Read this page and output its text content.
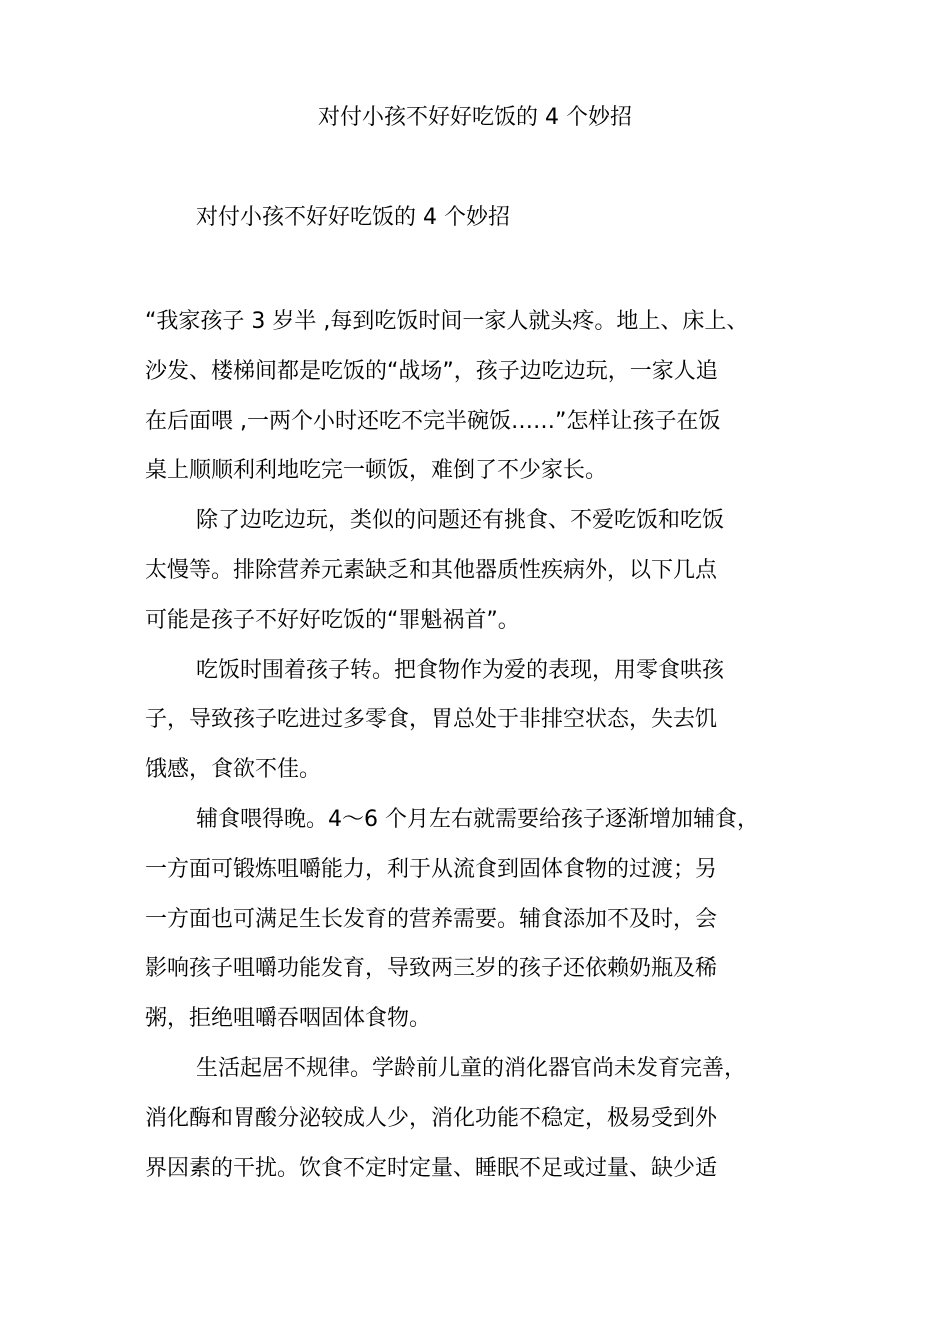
对付小孩不好好吃饭的 4 个妙招
对付小孩不好好吃饭的 4 个妙招

“我家孩子 3 岁半 ,每到吃饭时间一家人就头疼。地上、床上、
沙发、楼梯间都是吃饭的“战场”，孩子边吃边玩，一家人追
在后面喂 ,一两个小时还吃不完半碗饭……”怎样让孩子在饭
桌上顺顺利利地吃完一顿饭，难倒了不少家长。

除了边吃边玩，类似的问题还有挑食、不爱吃饭和吃饭
太慢等。排除营养元素缺乏和其他器质性疾病外，以下几点
可能是孩子不好好吃饭的“罪魁祸首”。

吃饭时围着孩子转。把食物作为爱的表现，用零食哄孩
子，导致孩子吃进过多零食，胃总处于非排空状态，失去饥
饿感，食欲不佳。

辅食喂得晚。4～6 个月左右就需要给孩子逐渐增加辅食，
一方面可锻炼咀嚼能力，利于从流食到固体食物的过渡；另
一方面也可满足生长发育的营养需要。辅食添加不及时，会
影响孩子咀嚼功能发育，导致两三岁的孩子还依赖奶瓶及稀
粥，拒绝咀嚼吞咽固体食物。

生活起居不规律。学龄前儿童的消化器官尚未发育完善，
消化酶和胃酸分泌较成人少，消化功能不稳定，极易受到外
界因素的干扰。饮食不定时定量、睡眠不足或过量、缺少适
